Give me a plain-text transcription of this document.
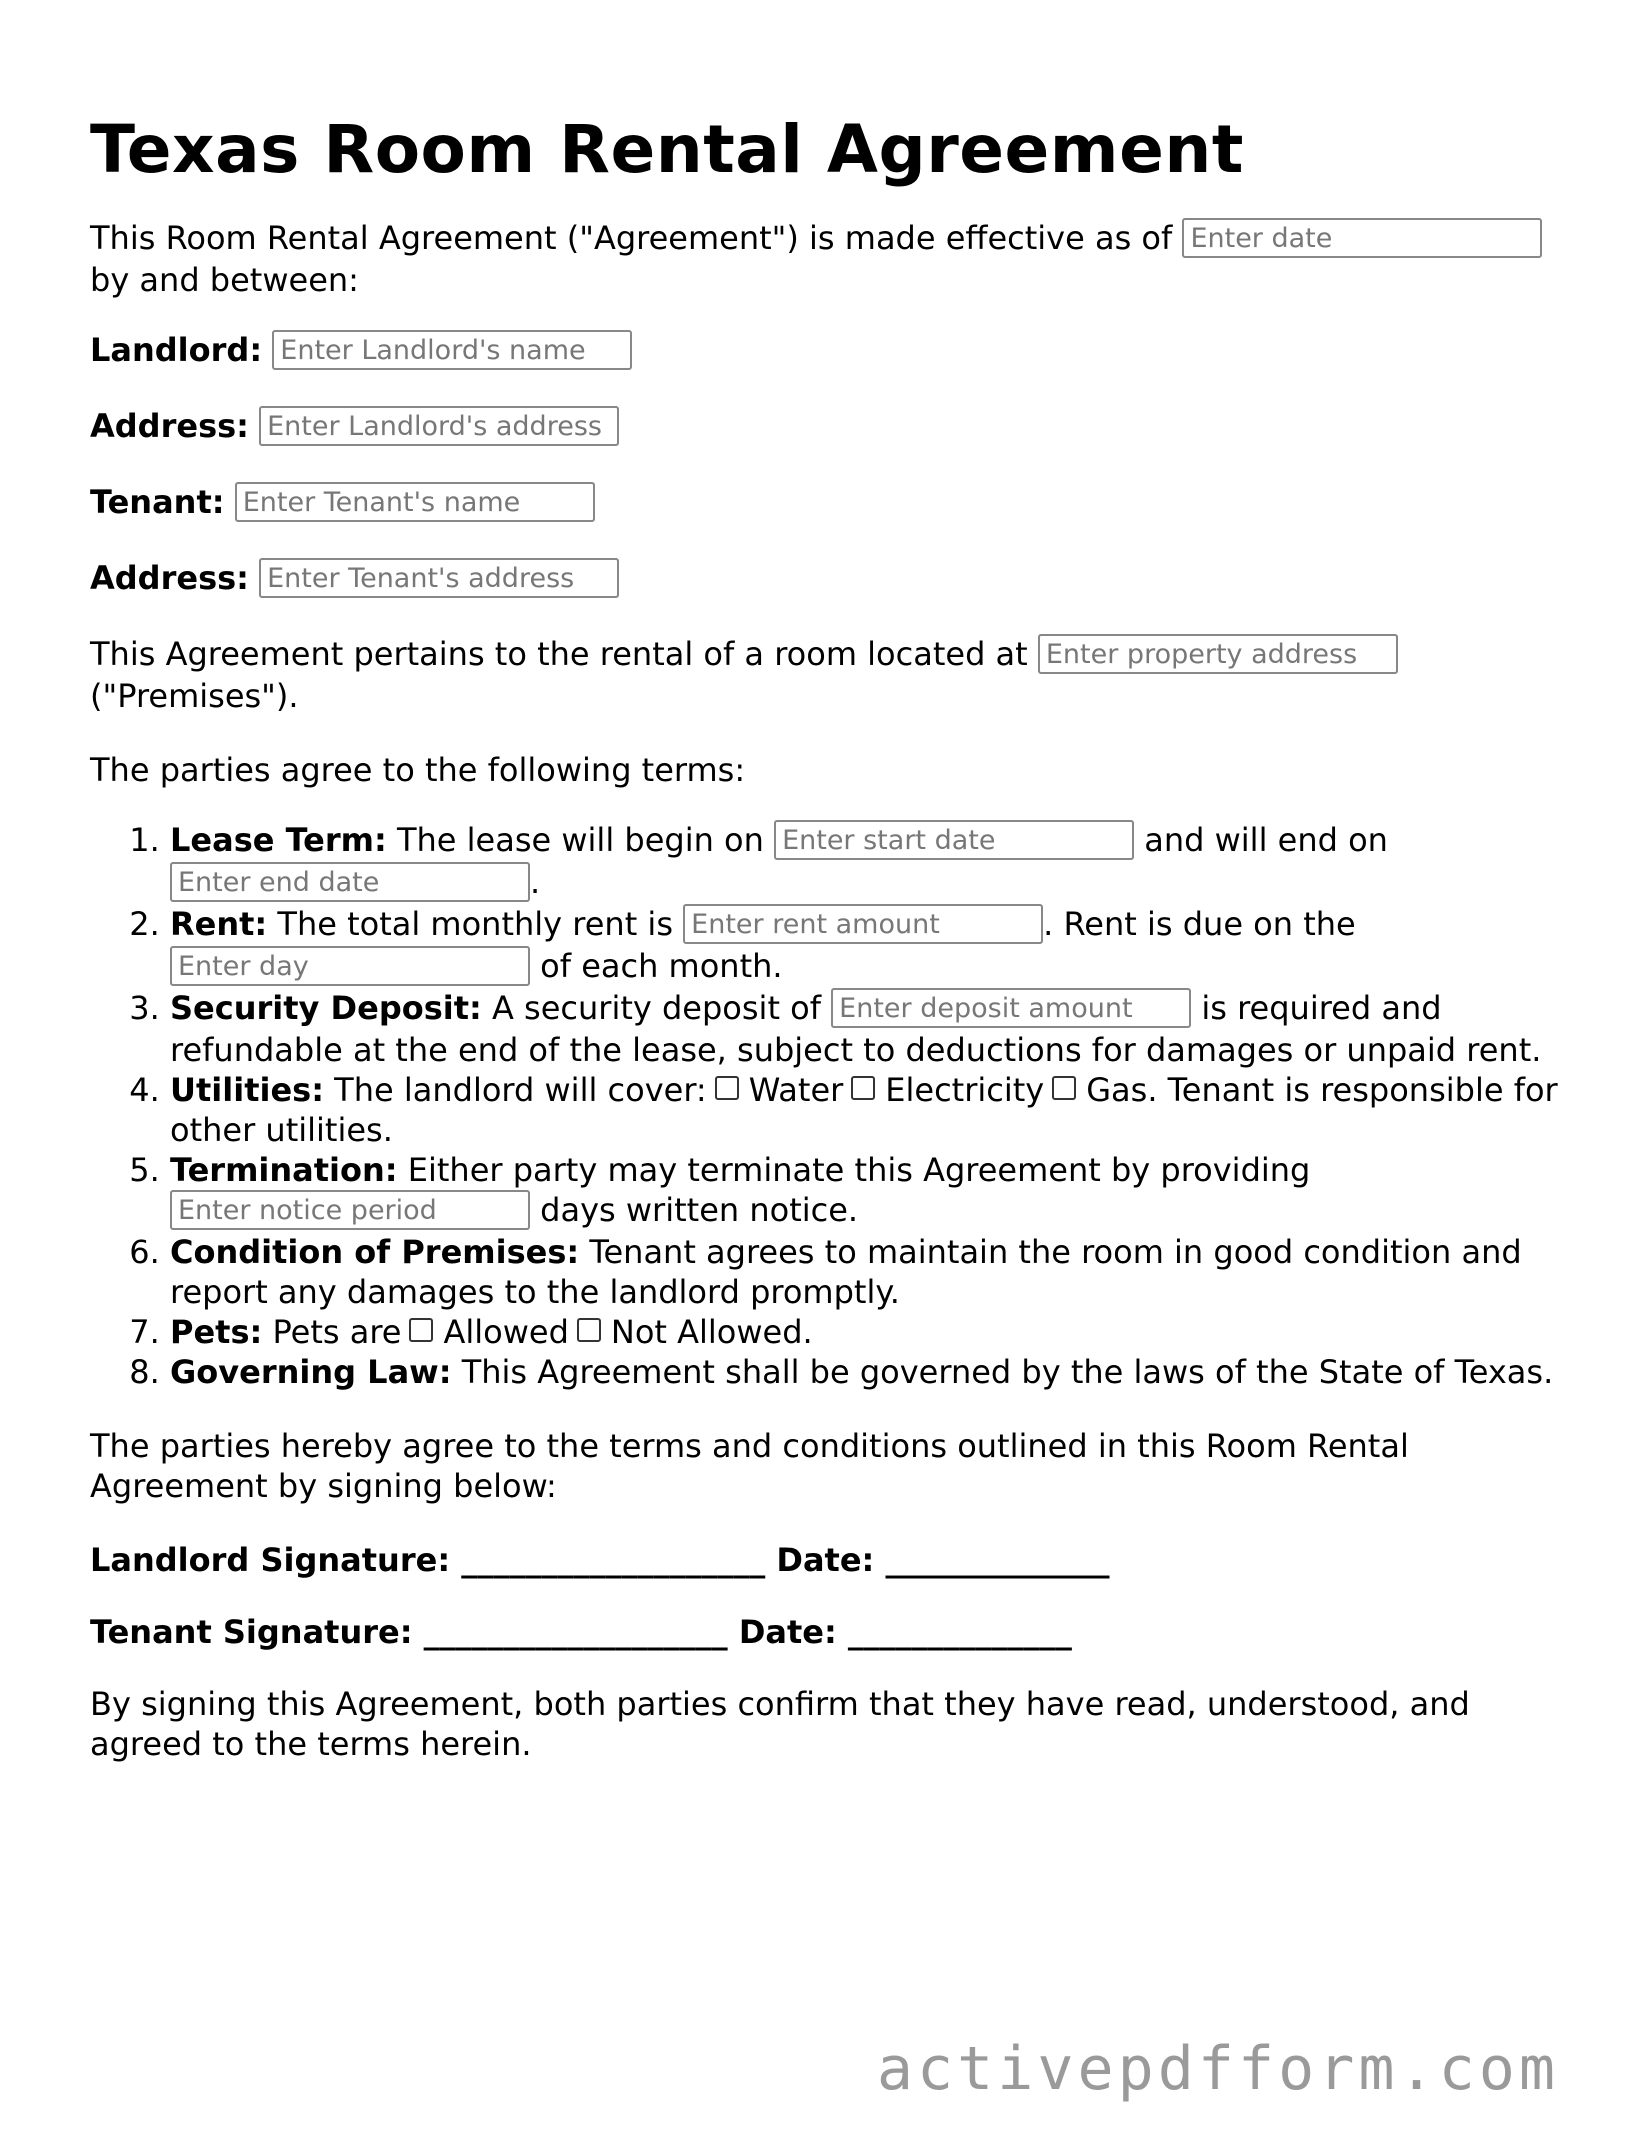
Texas Room Rental Agreement

This Room Rental Agreement ("Agreement") is made effective as of Enter date
by and between:

Landlord: Enter Landlord's name

Address: Enter Landlord's address

Tenant: Enter Tenant's name

Address: Enter Tenant's address

This Agreement pertains to the rental of a room located at Enter property address
("Premises").

The parties agree to the following terms:

1. Lease Term: The lease will begin on Enter start date	and will end on
Enter end date.
2. Rent: The total monthly rent is Enter rent amount	. Rent is due on the
Enter day of each month.
3. Security Deposit: A security deposit of Enter deposit amount	is required and refundable at the end of the lease, subject to deductions for damages or unpaid rent.
4. Utilities: The landlord will cover: Water Electricity Gas. Tenant is responsible for other utilities.
5. Termination: Either party may terminate this Agreement by providing
Enter notice period days written notice.
6. Condition of Premises: Tenant agrees to maintain the room in good condition and report any damages to the landlord promptly.
7. Pets: Pets are Allowed Not Allowed.
8. Governing Law: This Agreement shall be governed by the laws of the State of Texas.

The parties hereby agree to the terms and conditions outlined in this Room Rental Agreement by signing below:

Landlord Signature: ___________________ Date: ______________

Tenant Signature: ___________________ Date: ______________

By signing this Agreement, both parties confirm that they have read, understood, and agreed to the terms herein.

activepdfform.com
